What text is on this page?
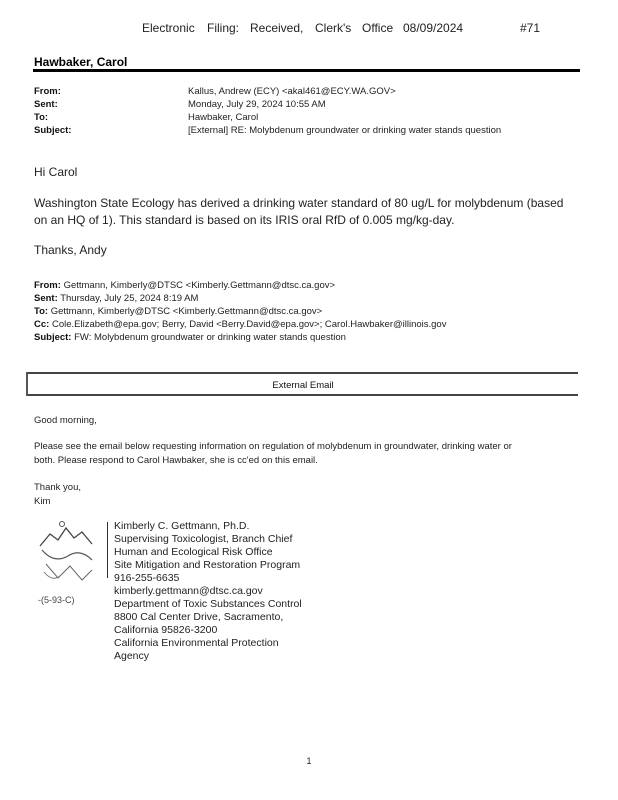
Electronic Filing: Received, Clerk's Office 08/09/2024	#71
Hawbaker, Carol
From:	Kallus, Andrew (ECY) <akal461@ECY.WA.GOV>
Sent:	Monday, July 29, 2024 10:55 AM
To:	Hawbaker, Carol
Subject:	[External] RE: Molybdenum groundwater or drinking water stands question
Hi Carol
Washington State Ecology has derived a drinking water standard of 80 ug/L for molybdenum (based on an HQ of 1). This standard is based on its IRIS oral RfD of 0.005 mg/kg-day.
Thanks, Andy
From: Gettmann, Kimberly@DTSC <Kimberly.Gettmann@dtsc.ca.gov>
Sent: Thursday, July 25, 2024 8:19 AM
To: Gettmann, Kimberly@DTSC <Kimberly.Gettmann@dtsc.ca.gov>
Cc: Cole.Elizabeth@epa.gov; Berry, David <Berry.David@epa.gov>; Carol.Hawbaker@illinois.gov
Subject: FW: Molybdenum groundwater or drinking water stands question
External Email
Good morning,
Please see the email below requesting information on regulation of molybdenum in groundwater, drinking water or
both. Please respond to Carol Hawbaker, she is cc'ed on this email.
Thank you,
Kim
-(5-93-C)
Kimberly C. Gettmann, Ph.D.
Supervising Toxicologist, Branch Chief
Human and Ecological Risk Office
Site Mitigation and Restoration Program
916-255-6635
kimberly.gettmann@dtsc.ca.gov
Department of Toxic Substances Control
8800 Cal Center Drive, Sacramento,
California 95826-3200
California Environmental Protection
Agency
1
